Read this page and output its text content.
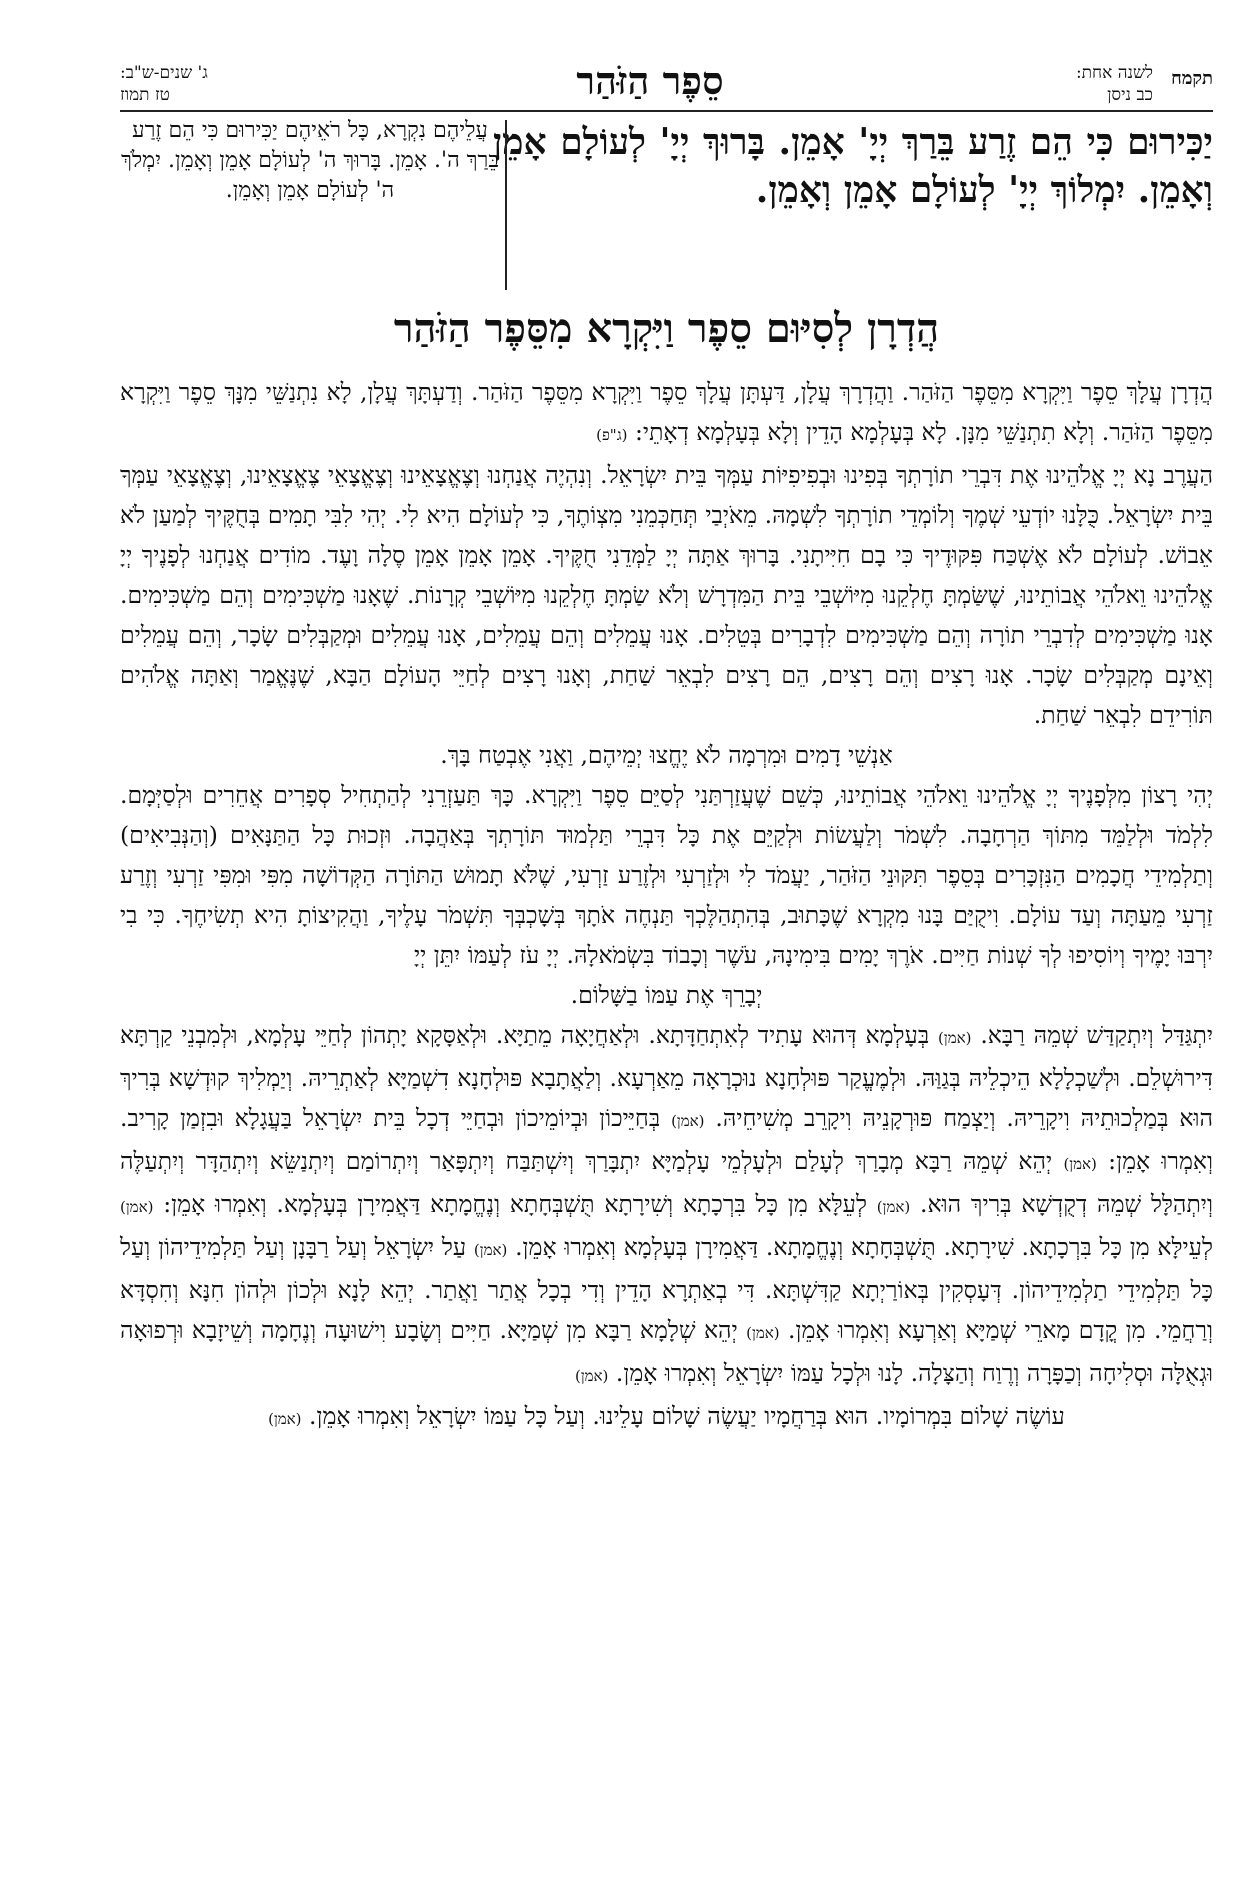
תקמח
לשנה אחת:
כב ניסן
סֵפֶר הַזֹּהַר
ג' שנים-ש"ב:
טז תמוז
יַכִּירוּם כִּי הֵם זֶרַע בֵּרַךְ יְיָ' אָמֵן. בָּרוּךְ יְיָ' לְעוֹלָם אָמֵן וְאָמֵן. יִמְלוֹךְ יְיָ' לְעוֹלָם אָמֵן וְאָמֵן.
עֲלֵיהֶם נִקְרָא, כָּל רֹאֵיהֶם יַכִּירוּם כִּי הֵם זֶרַע בֵּרַךְ ה'. אָמֵן. בָּרוּךְ ה' לְעוֹלָם אָמֵן וְאָמֵן. יִמְלֹךְ ה' לְעוֹלָם אָמֵן וְאָמֵן.
הֲדְרָן לְסִיּוּם סֵפֶר וַיִּקְרָא מִסֵּפֶר הַזֹּהַר

הֲדְרָן עֲלָךְ סֵפֶר וַיִּקְרָא מִסֵּפֶר הַזֹּהַר. וַהֲדְרָךְ עֲלָן, דַּעְתָּן עֲלָךְ סֵפֶר וַיִּקְרָא מִסֵּפֶר הַזֹּהַר. וְדַעְתָּךְ עֲלָן, לָא נִתְנַשֵּׁי מִנָּךְ סֵפֶר וַיִּקְרָא מִסֵּפֶר הַזֹּהַר. וְלָא תִתְנַשֵּׁי מִנָּן. לָא בְּעָלְמָא הָדֵין וְלָא בְּעָלְמָא דְאָתֵי: (ג"פ)

הַעֲרֶב נָא יְיָ אֱלֹהֵינוּ אֶת דִּבְרֵי תוֹרָתְךָ בְּפִינוּ וּבְפִיפִיּוֹת עַמְּךָ בֵּית יִשְׂרָאֵל. וְנִהְיֶה אֲנַחְנוּ וְצֶאֱצָאֵינוּ וְצֶאֱצָאֵי צֶאֱצָאֵינוּ, וְצֶאֱצָאֵי עַמְּךָ בֵּית יִשְׂרָאֵל. כֻּלָּנוּ יוֹדְעֵי שְׁמֶךָ וְלוֹמְדֵי תוֹרָתְךָ לִשְׁמָהּ. מֵאֹיְבַי תְּחַכְּמֵנִי מִצְוֹתֶךָ, כִּי לְעוֹלָם הִיא לִי. יְהִי לִבִּי תָמִים בְּחֻקֶּיךָ לְמַעַן לֹא אֵבוֹשׁ. לְעוֹלָם לֹא אֶשְׁכַּח פִּקּוּדֶיךָ כִּי בָם חִיִּיתָנִי. בָּרוּךְ אַתָּה יְיָ לַמְּדֵנִי חֻקֶּיךָ. אָמֵן אָמֵן אָמֵן סֶלָה וָעֶד. מוֹדִים אֲנַחְנוּ לְפָנֶיךָ יְיָ אֱלֹהֵינוּ וֵאלֹהֵי אֲבוֹתֵינוּ, שֶׁשַּׂמְתָּ חֶלְקֵנוּ מִיּוֹשְׁבֵי בֵּית הַמִּדְרָשׁ וְלֹא שַׂמְתָּ חֶלְקֵנוּ מִיּוֹשְׁבֵי קְרָנוֹת. שֶׁאָנוּ מַשְׁכִּימִים וְהֵם מַשְׁכִּימִים. אָנוּ מַשְׁכִּימִים לְדִבְרֵי תוֹרָה וְהֵם מַשְׁכִּימִים לִדְבָרִים בְּטֵלִים. אָנוּ עֲמֵלִים וְהֵם עֲמֵלִים, אָנוּ עֲמֵלִים וּמְקַבְּלִים שָׂכָר, וְהֵם עֲמֵלִים וְאֵינָם מְקַבְּלִים שָׂכָר. אָנוּ רָצִים וְהֵם רָצִים, הֵם רָצִים לִבְאֵר שַׁחַת, וְאָנוּ רָצִים לְחַיֵּי הָעוֹלָם הַבָּא, שֶׁנֶּאֱמַר וְאַתָּה אֱלֹהִים תּוֹרִידֵם לִבְאֵר שַׁחַת.

אַנְשֵׁי דָמִים וּמִרְמָה לֹא יֶחֱצוּ יְמֵיהֶם, וַאֲנִי אֶבְטַח בָּךְ.

יְהִי רָצוֹן מִלְּפָנֶיךָ יְיָ אֱלֹהֵינוּ וֵאלֹהֵי אֲבוֹתֵינוּ, כְּשֵׁם שֶׁעֲזַרְתַּנִי לְסַיֵּם סֵפֶר וַיִּקְרָא. כָּךְ תַּעַזְרֵנִי לְהַתְחִיל סְפָרִים אֲחֵרִים וּלְסַיְּמָם. לִלְמֹד וּלְלַמֵּד מִתּוֹךְ הַרְחָבָה. לִשְׁמֹר וְלַעֲשׂוֹת וּלְקַיֵּם אֶת כָּל דִּבְרֵי תַּלְמוּד תּוֹרָתְךָ בְּאַהֲבָה. וּזְכוּת כָּל הַתַּנָּאִים (וְהַנְּבִיאִים) וְתַלְמִידֵי חֲכָמִים הַנִּזְכָּרִים בְּסֵפֶר תִּקּוּנֵי הַזֹּהַר, יַעֲמֹד לִי וּלְזַרְעִי וּלְזֶרַע זַרְעִי, שֶׁלֹּא תָמוּשׁ הַתּוֹרָה הַקְּדוֹשָׁה מִפִּי וּמִפִּי זַרְעִי וְזֶרַע זַרְעִי מֵעַתָּה וְעַד עוֹלָם. וִיקֻיַּם בָּנוּ מִקְרָא שֶׁכָּתוּב, בְּהִתְהַלֶּכְךָ תַּנְחֶה אֹתָךְ בְּשָׁכְבְּךָ תִּשְׁמֹר עָלֶיךָ, וַהֲקִיצוֹתָ הִיא תְשִׂיחֶךָ. כִּי בִי יִרְבּוּ יָמֶיךָ וְיוֹסִיפוּ לְךָ שְׁנוֹת חַיִּים. אֹרֶךְ יָמִים בִּימִינָהּ, עֹשֶׁר וְכָבוֹד בִּשְׂמֹאלָהּ. יְיָ עֹז לְעַמּוֹ יִתֵּן יְיָ

יְבָרֵךְ אֶת עַמּוֹ בַשָּׁלוֹם.

יִתְגַּדַּל וְיִתְקַדַּשׁ שְׁמֵהּ רַבָּא. (אמן) בְּעָלְמָא דְּהוּא עָתִיד לְאִתְחַדָּתָא. וּלְאַחֲיָאָה מֵתַיָּא. וּלְאַסָּקָא יָתְהוֹן לְחַיֵּי עָלְמָא, וּלְמִבְנֵי קַרְתָּא דִּירוּשְׁלֵם. וּלְשַׁכְלָלָא הֵיכְלֵיהּ בְּגַוַּהּ. וּלְמֶעֱקַר פּוּלְחָנָא נוּכְרָאָה מֵאַרְעָא. וְלַאֲתָבָא פּוּלְחָנָא דִשְׁמַיָּא לְאַתְרֵיהּ. וְיַמְלִיךְ קוּדְשָׁא בְּרִיךְ הוּא בְּמַלְכוּתֵיהּ וִיקָרֵיהּ. וְיַצְמַח פּוּרְקָנֵיהּ וִיקָרֵב מְשִׁיחֵיהּ. (אמן) בְּחַיֵּיכוֹן וּבְיוֹמֵיכוֹן וּבְחַיֵּי דְכָל בֵּית יִשְׂרָאֵל בַּעֲגָלָא וּבִזְמַן קָרִיב. וְאִמְרוּ אָמֵן: (אמן) יְהֵא שְׁמֵהּ רַבָּא מְבָרַךְ לְעָלַם וּלְעָלְמֵי עָלְמַיָּא יִתְבָּרַךְ וְיִשְׁתַּבַּח וְיִתְפָּאַר וְיִתְרוֹמַם וְיִתְנַשֵּׂא וְיִתְהַדָּר וְיִתְעַלֶּה וְיִתְהַלָּל שְׁמֵהּ דְקֻדְשָׁא בְּרִיךְ הוּא. (אמן) לְעֵלָּא מִן כָּל בִּרְכָתָא וְשִׁירָתָא תֻּשְׁבְּחָתָא וְנֶחֱמָתָא דַּאֲמִירָן בְּעָלְמָא. וְאִמְרוּ אָמֵן: (אמן) לְעֵילָּא מִן כָּל בִּרְכָתָא. שִׁירָתָא. תֻּשְׁבְּחָתָא וְנֶחֱמָתָא. דַּאֲמִירָן בְּעָלְמָא וְאִמְרוּ אָמֵן. (אמן) עַל יִשְׂרָאֵל וְעַל רַבָּנָן וְעַל תַּלְמִידֵיהוֹן וְעַל כָּל תַּלְמִידֵי תַלְמִידֵיהוֹן. דְּעָסְקִין בְּאוֹרַיְתָא קַדִּשְׁתָּא. דִּי בְאַתְרָא הָדֵין וְדִי בְכָל אֲתַר וַאֲתַר. יְהֵא לָנָא וּלְכוֹן וּלְהוֹן חִנָּא וְחִסְדָּא וְרַחֲמֵי. מִן קֳדָם מָארֵי שְׁמַיָּא וְאַרְעָא וְאִמְרוּ אָמֵן. (אמן) יְהֵא שְׁלָמָא רַבָּא מִן שְׁמַיָּא. חַיִּים וְשָׂבָע וִישׁוּעָה וְנֶחָמָה וְשֵׁיזָבָא וּרְפוּאָה וּגְאֻלָּה וּסְלִיחָה וְכַפָּרָה וְרֶוַח וְהַצָּלָה. לָנוּ וּלְכָל עַמּוֹ יִשְׂרָאֵל וְאִמְרוּ אָמֵן. (אמן)

עוֹשֶׂה שָׁלוֹם בִּמְרוֹמָיו. הוּא בְּרַחֲמָיו יַעֲשֶׂה שָׁלוֹם עָלֵינוּ. וְעַל כָּל עַמּוֹ יִשְׂרָאֵל וְאִמְרוּ אָמֵן. (אמן)
